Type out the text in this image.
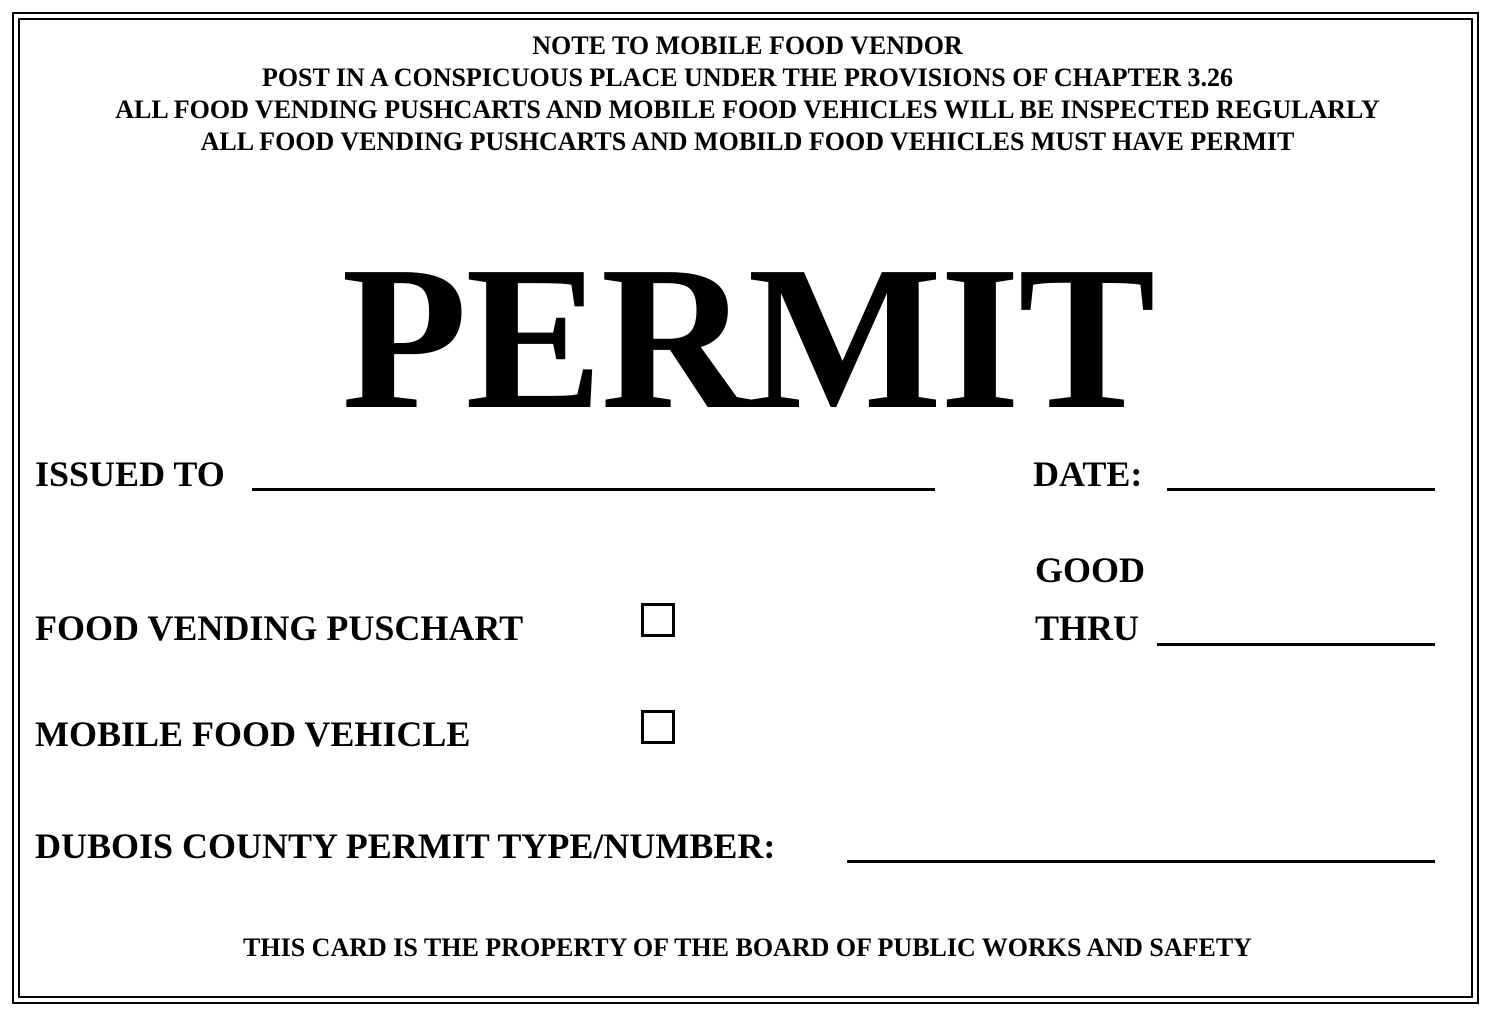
NOTE TO MOBILE FOOD VENDOR
POST IN A CONSPICUOUS PLACE UNDER THE PROVISIONS OF CHAPTER 3.26
ALL FOOD VENDING PUSHCARTS AND MOBILE FOOD VEHICLES WILL BE INSPECTED REGULARLY
ALL FOOD VENDING PUSHCARTS AND MOBILD FOOD VEHICLES MUST HAVE PERMIT
PERMIT
ISSUED TO	DATE:
GOOD
THRU
FOOD VENDING PUSCHART
MOBILE FOOD VEHICLE
DUBOIS COUNTY PERMIT TYPE/NUMBER:
THIS CARD IS THE PROPERTY OF THE BOARD OF PUBLIC WORKS AND SAFETY
